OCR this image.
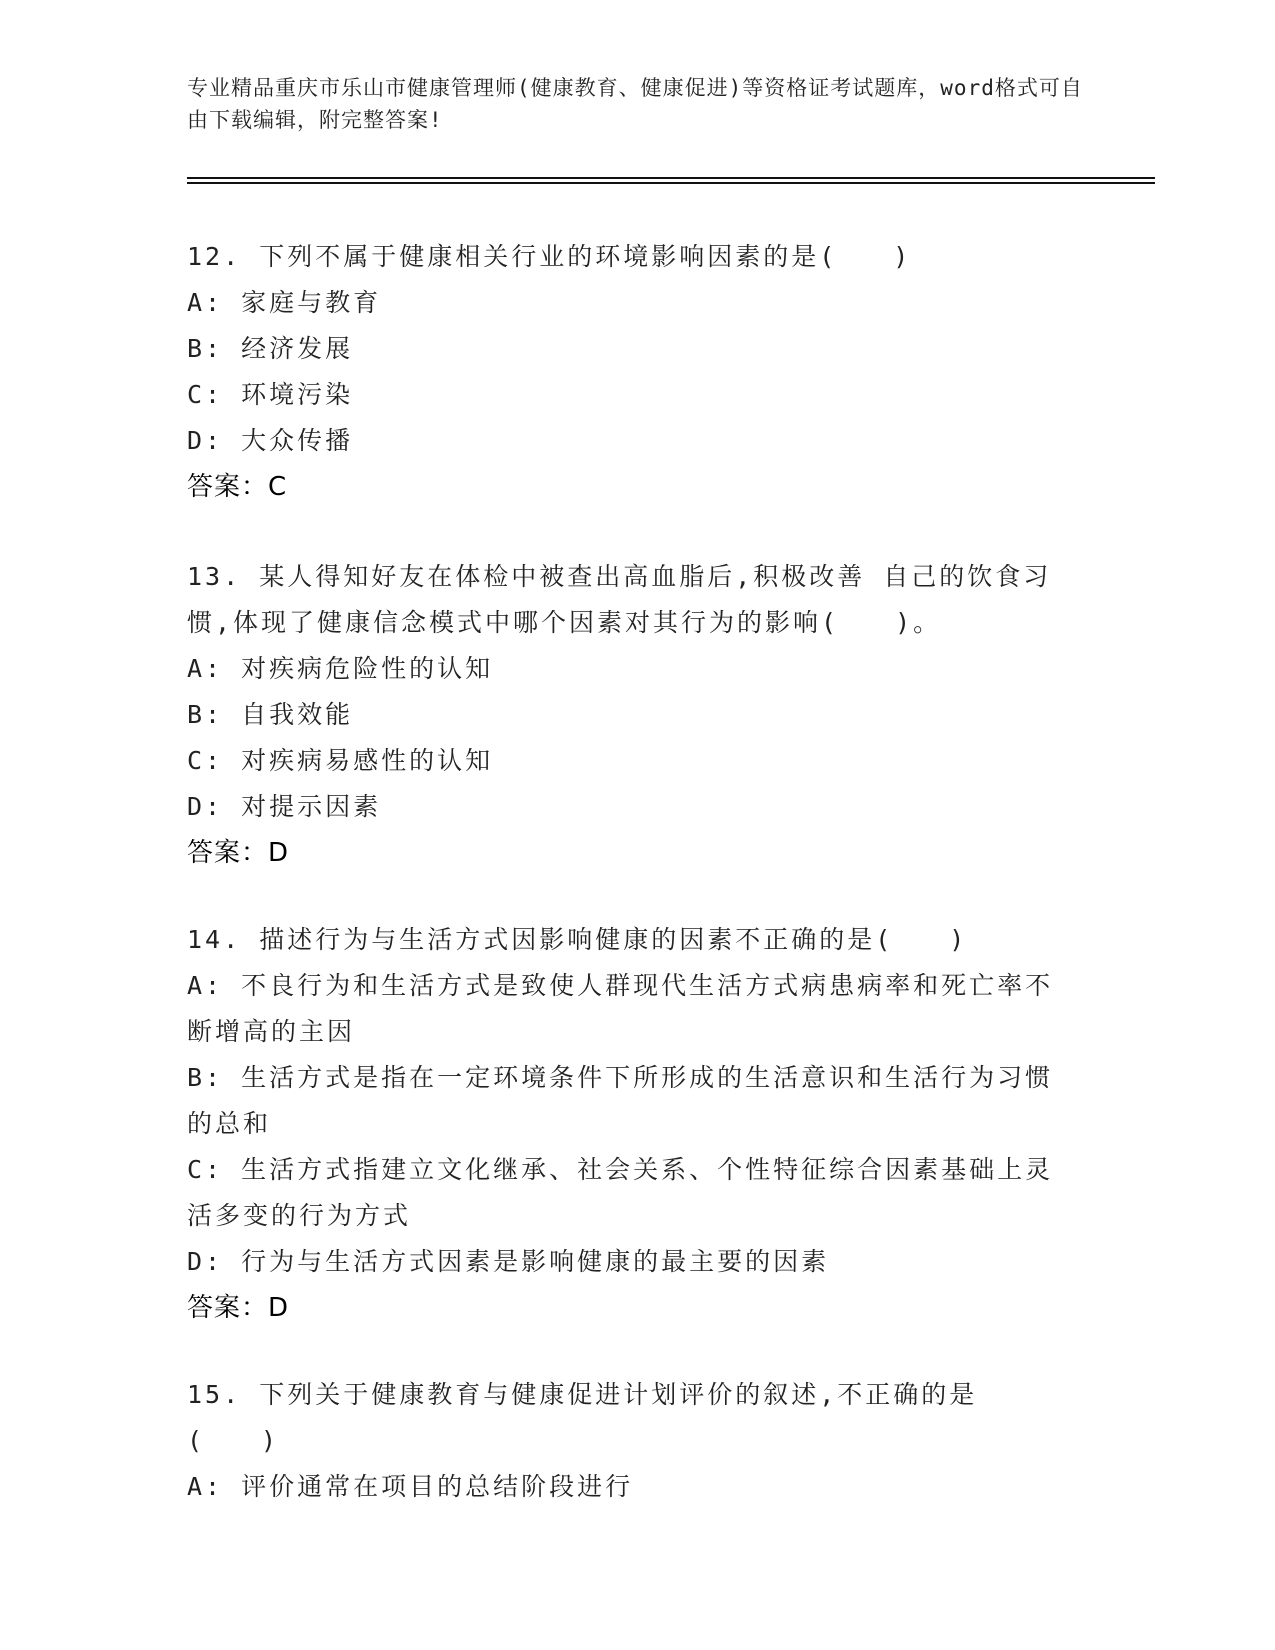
专业精品重庆市乐山市健康管理师(健康教育、健康促进)等资格证考试题库，word格式可自由下载编辑，附完整答案!

12. 下列不属于健康相关行业的环境影响因素的是(　　)

A: 家庭与教育

B: 经济发展

C: 环境污染

D: 大众传播

答案：C

13. 某人得知好友在体检中被查出高血脂后,积极改善 自己的饮食习惯,体现了健康信念模式中哪个因素对其行为的影响(　　)。

A: 对疾病危险性的认知

B: 自我效能

C: 对疾病易感性的认知

D: 对提示因素

答案：D

14. 描述行为与生活方式因影响健康的因素不正确的是(　　)

A: 不良行为和生活方式是致使人群现代生活方式病患病率和死亡率不断增高的主因

B: 生活方式是指在一定环境条件下所形成的生活意识和生活行为习惯的总和

C: 生活方式指建立文化继承、社会关系、个性特征综合因素基础上灵活多变的行为方式

D: 行为与生活方式因素是影响健康的最主要的因素

答案：D

15. 下列关于健康教育与健康促进计划评价的叙述,不正确的是(　　)

A: 评价通常在项目的总结阶段进行
